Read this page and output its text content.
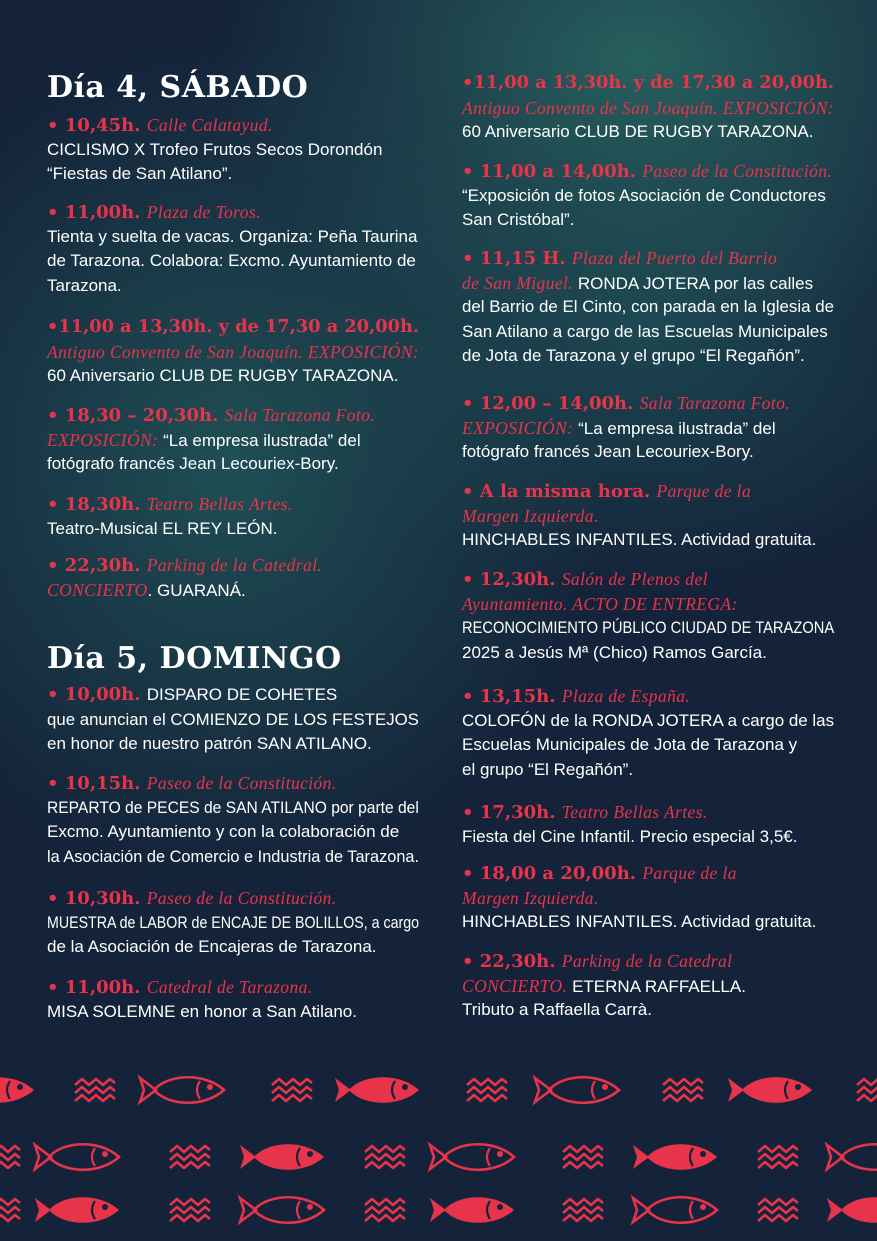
Día 4, SÁBADO
• 10,45h. Calle Calatayud.
CICLISMO X Trofeo Frutos Secos Dorondón
“Fiestas de San Atilano”.
• 11,00h. Plaza de Toros.
Tienta y suelta de vacas. Organiza: Peña Taurina
de Tarazona. Colabora: Excmo. Ayuntamiento de
Tarazona.
•11,00 a 13,30h. y de 17,30 a 20,00h.
Antiguo Convento de San Joaquín. EXPOSICIÓN:
60 Aniversario CLUB DE RUGBY TARAZONA.
• 18,30 – 20,30h. Sala Tarazona Foto.
EXPOSICIÓN: “La empresa ilustrada” del
fotógrafo francés Jean Lecouriex-Bory.
• 18,30h. Teatro Bellas Artes.
Teatro-Musical EL REY LEÓN.
• 22,30h. Parking de la Catedral.
CONCIERTO. GUARANÁ.
Día 5, DOMINGO
• 10,00h. DISPARO DE COHETES
que anuncian el COMIENZO DE LOS FESTEJOS
en honor de nuestro patrón SAN ATILANO.
• 10,15h. Paseo de la Constitución.
REPARTO de PECES de SAN ATILANO por parte del
Excmo. Ayuntamiento y con la colaboración de
la Asociación de Comercio e Industria de Tarazona.
• 10,30h. Paseo de la Constitución.
MUESTRA de LABOR de ENCAJE DE BOLILLOS, a cargo
de la Asociación de Encajeras de Tarazona.
• 11,00h. Catedral de Tarazona.
MISA SOLEMNE en honor a San Atilano.
•11,00 a 13,30h. y de 17,30 a 20,00h.
Antiguo Convento de San Joaquín. EXPOSICIÓN:
60 Aniversario CLUB DE RUGBY TARAZONA.
• 11,00 a 14,00h. Paseo de la Constitución.
“Exposición de fotos Asociación de Conductores
San Cristóbal”.
• 11,15 H. Plaza del Puerto del Barrio
de San Miguel. RONDA JOTERA por las calles
del Barrio de El Cinto, con parada en la Iglesia de
San Atilano a cargo de las Escuelas Municipales
de Jota de Tarazona y el grupo “El Regañón”.
• 12,00 – 14,00h. Sala Tarazona Foto.
EXPOSICIÓN: “La empresa ilustrada” del
fotógrafo francés Jean Lecouriex-Bory.
• A la misma hora. Parque de la
Margen Izquierda.
HINCHABLES INFANTILES. Actividad gratuita.
• 12,30h. Salón de Plenos del
Ayuntamiento. ACTO DE ENTREGA:
RECONOCIMIENTO PÚBLICO CIUDAD DE TARAZONA
2025 a Jesús Mª (Chico) Ramos García.
• 13,15h. Plaza de España.
COLOFÓN de la RONDA JOTERA a cargo de las
Escuelas Municipales de Jota de Tarazona y
el grupo “El Regañón”.
• 17,30h. Teatro Bellas Artes.
Fiesta del Cine Infantil. Precio especial 3,5€.
• 18,00 a 20,00h. Parque de la
Margen Izquierda.
HINCHABLES INFANTILES. Actividad gratuita.
• 22,30h. Parking de la Catedral
CONCIERTO. ETERNA RAFFAELLA.
Tributo a Raffaella Carrà.
